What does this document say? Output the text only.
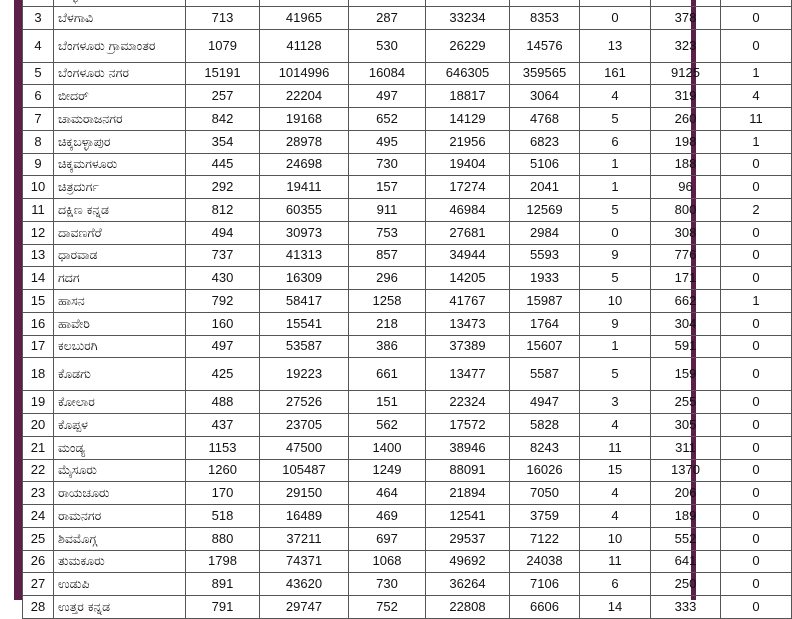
3	ಬೆಳಗಾವಿ	713	41965	287	33234	8353	0	378	0
4	ಬೆಂಗಳೂರು ಗ್ರಾಮಾಂತರ	1079	41128	530	26229	14576	13	323	0
5	ಬೆಂಗಳೂರು ನಗರ	15191	1014996	16084	646305	359565	161	9125	1
6	ಬೀದರ್	257	22204	497	18817	3064	4	319	4
7	ಚಾಮರಾಜನಗರ	842	19168	652	14129	4768	5	260	11
8	ಚಿಕ್ಕಬಳ್ಳಾಪುರ	354	28978	495	21956	6823	6	198	1
9	ಚಿಕ್ಕಮಗಳೂರು	445	24698	730	19404	5106	1	188	0
10	ಚಿತ್ರದುರ್ಗ	292	19411	157	17274	2041	1	96	0
11	ದಕ್ಷಿಣ ಕನ್ನಡ	812	60355	911	46984	12569	5	800	2
12	ದಾವಣಗೆರೆ	494	30973	753	27681	2984	0	308	0
13	ಧಾರವಾಡ	737	41313	857	34944	5593	9	776	0
14	ಗದಗ	430	16309	296	14205	1933	5	171	0
15	ಹಾಸನ	792	58417	1258	41767	15987	10	662	1
16	ಹಾವೇರಿ	160	15541	218	13473	1764	9	304	0
17	ಕಲಬುರಗಿ	497	53587	386	37389	15607	1	591	0
18	ಕೊಡಗು	425	19223	661	13477	5587	5	159	0
19	ಕೋಲಾರ	488	27526	151	22324	4947	3	255	0
20	ಕೊಪ್ಪಳ	437	23705	562	17572	5828	4	305	0
21	ಮಂಡ್ಯ	1153	47500	1400	38946	8243	11	311	0
22	ಮೈಸೂರು	1260	105487	1249	88091	16026	15	1370	0
23	ರಾಯಚೂರು	170	29150	464	21894	7050	4	206	0
24	ರಾಮನಗರ	518	16489	469	12541	3759	4	189	0
25	ಶಿವಮೊಗ್ಗ	880	37211	697	29537	7122	10	552	0
26	ತುಮಕೂರು	1798	74371	1068	49692	24038	11	641	0
27	ಉಡುಪಿ	891	43620	730	36264	7106	6	250	0
28	ಉತ್ತರ ಕನ್ನಡ	791	29747	752	22808	6606	14	333	0
